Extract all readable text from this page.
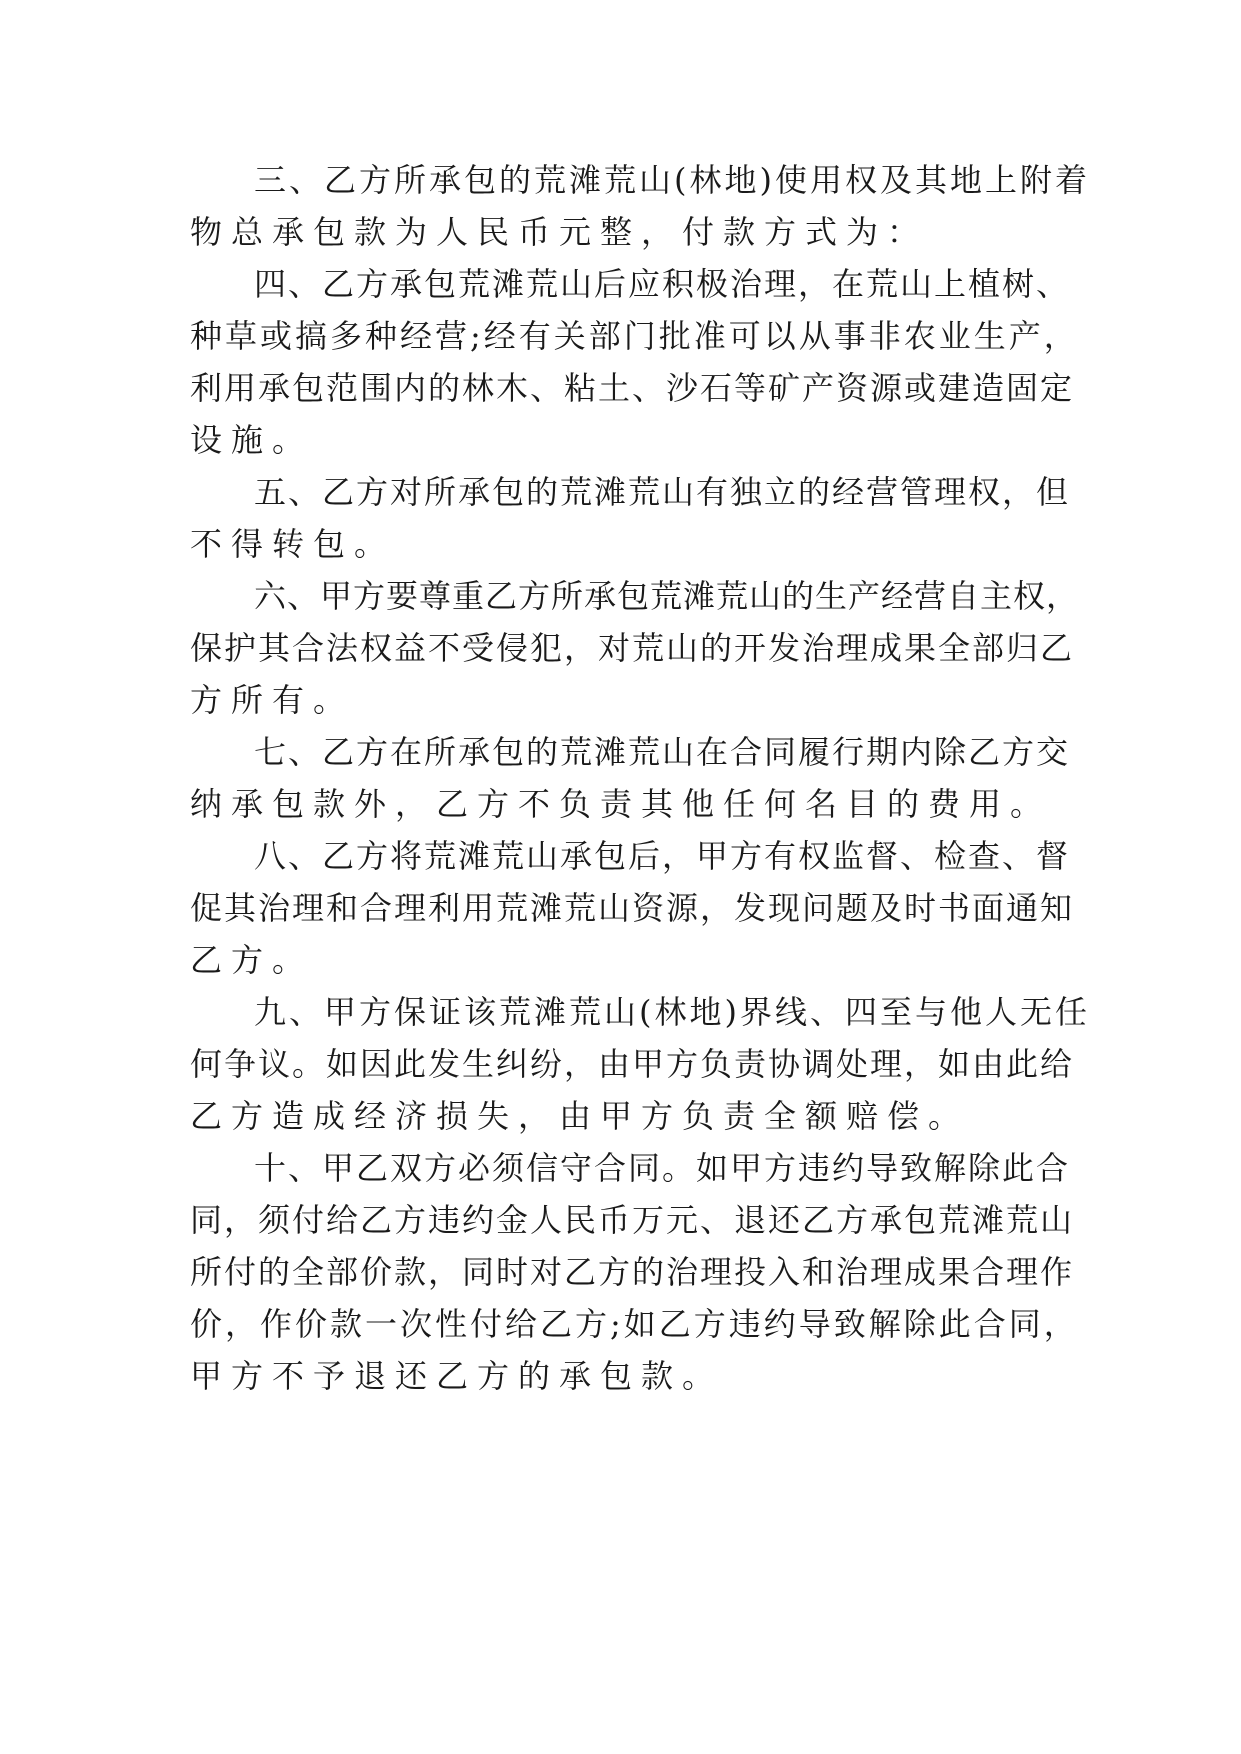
三、乙方所承包的荒滩荒山(林地)使用权及其地上附着
物总承包款为人民币元整，付款方式为：
四、乙方承包荒滩荒山后应积极治理，在荒山上植树、
种草或搞多种经营;经有关部门批准可以从事非农业生产，
利用承包范围内的林木、粘土、沙石等矿产资源或建造固定
设施。
五、乙方对所承包的荒滩荒山有独立的经营管理权，但
不得转包。
六、甲方要尊重乙方所承包荒滩荒山的生产经营自主权，
保护其合法权益不受侵犯，对荒山的开发治理成果全部归乙
方所有。
七、乙方在所承包的荒滩荒山在合同履行期内除乙方交
纳承包款外，乙方不负责其他任何名目的费用。
八、乙方将荒滩荒山承包后，甲方有权监督、检查、督
促其治理和合理利用荒滩荒山资源，发现问题及时书面通知
乙方。
九、甲方保证该荒滩荒山(林地)界线、四至与他人无任
何争议。如因此发生纠纷，由甲方负责协调处理，如由此给
乙方造成经济损失，由甲方负责全额赔偿。
十、甲乙双方必须信守合同。如甲方违约导致解除此合
同，须付给乙方违约金人民币万元、退还乙方承包荒滩荒山
所付的全部价款，同时对乙方的治理投入和治理成果合理作
价，作价款一次性付给乙方;如乙方违约导致解除此合同，
甲方不予退还乙方的承包款。
